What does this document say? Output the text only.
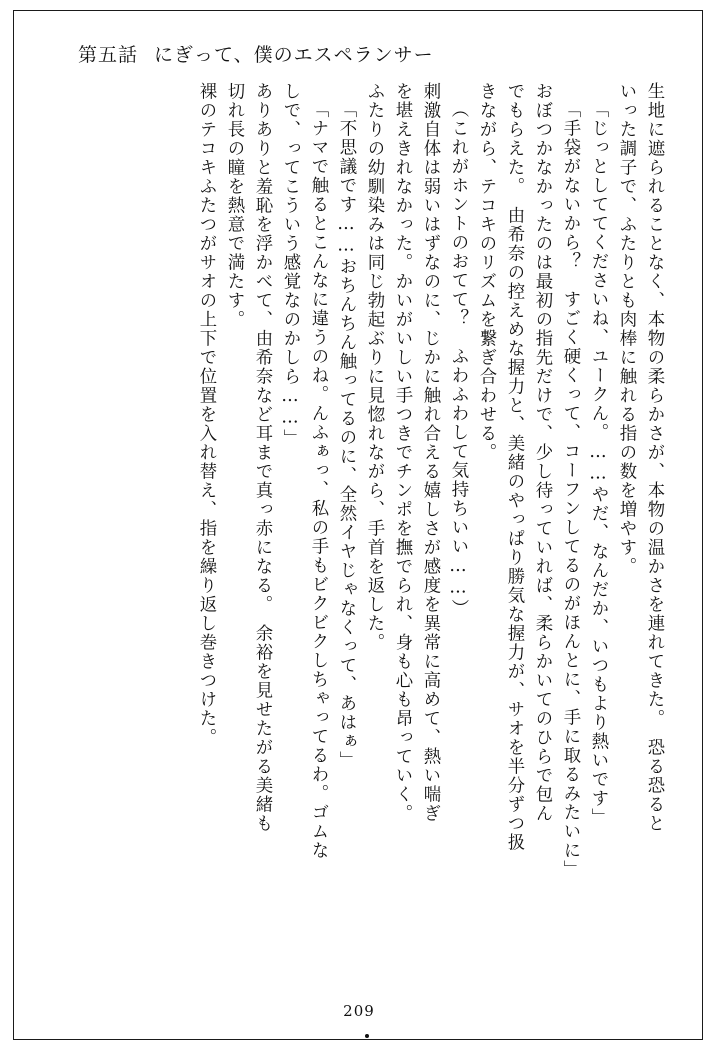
第五話 にぎって、僕のエスペランサー
生地に遮られることなく、本物の柔らかさが、本物の温かさを連れてきた。　恐る恐ると
いった調子で、ふたりとも肉棒に触れる指の数を増やす。
「じっとしててくださいね、ユークん。……やだ、なんだか、いつもより熱いです」
「手袋がないから？　すごく硬くって、コーフンしてるのがほんとに、手に取るみたいに」
おぼつかなかったのは最初の指先だけで、少し待っていれば、柔らかいてのひらで包ん
でもらえた。　由希奈の控えめな握力と、美緒のやっぱり勝気な握力が、サオを半分ずつ扱
きながら、テコキのリズムを繋ぎ合わせる。
（これがホントのおてて？　ふわふわして気持ちいい……）
刺激自体は弱いはずなのに、じかに触れ合える嬉しさが感度を異常に高めて、熱い喘ぎ
を堪えきれなかった。かいがいしい手つきでチンポを撫でられ、身も心も昂っていく。
ふたりの幼馴染みは同じ勃起ぶりに見惚れながら、手首を返した。
「不思議です……おちんちん触ってるのに、全然イヤじゃなくって、あはぁ」
「ナマで触るとこんなに違うのね。んふぁっ、私の手もビクビクしちゃってるわ。ゴムな
しで、ってこういう感覚なのかしら……」
ありありと羞恥を浮かべて、由希奈など耳まで真っ赤になる。　余裕を見せたがる美緒も
切れ長の瞳を熱意で満たす。
裸のテコキふたつがサオの上下で位置を入れ替え、指を繰り返し巻きつけた。
209
